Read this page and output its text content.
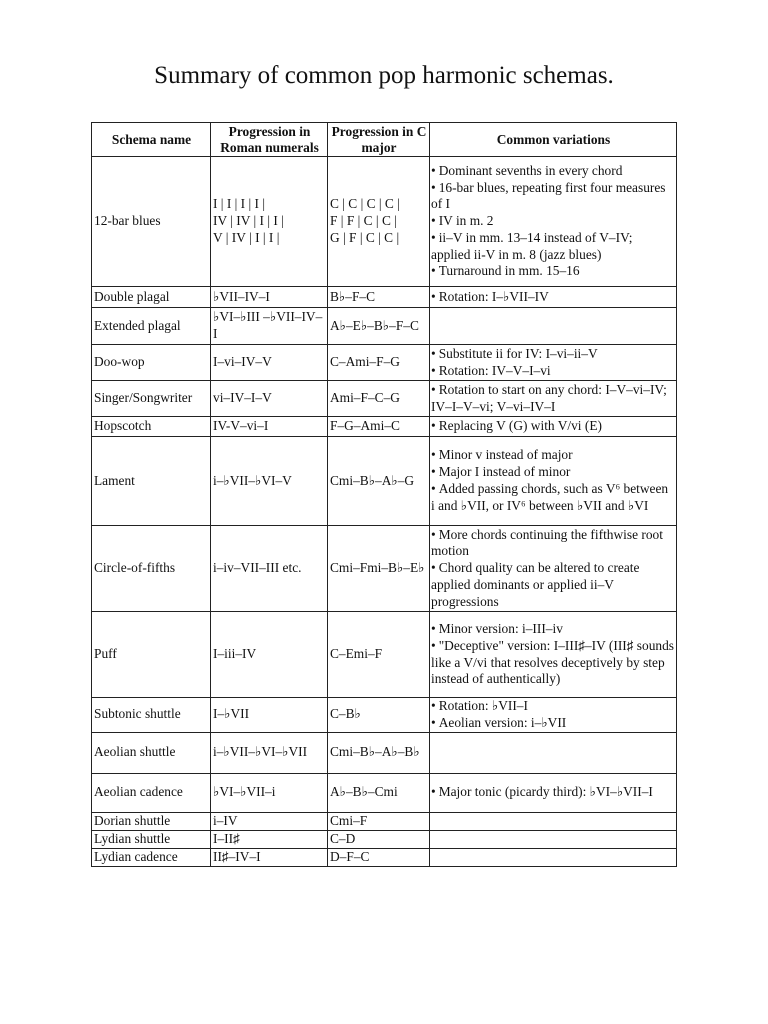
Summary of common pop harmonic schemas.
Schema name	Progression in Roman numerals	Progression in C major	Common variations
12-bar blues	I | I | I | I |
IV | IV | I | I |
V | IV | I | I |	C | C | C | C |
F | F | C | C |
G | F | C | C |	• Dominant sevenths in every chord
• 16-bar blues, repeating first four measures of I
• IV in m. 2
• ii–V in mm. 13–14 instead of V–IV; applied ii-V in m. 8 (jazz blues)
• Turnaround in mm. 15–16

Double plagal	♭VII–IV–I	B♭–F–C	• Rotation: I–♭VII–IV

Extended plagal	♭VI–♭III –♭VII–IV–I	A♭–E♭–B♭–F–C	

Doo-wop	I–vi–IV–V	C–Ami–F–G	• Substitute ii for IV: I–vi–ii–V
• Rotation: IV–V–I–vi

Singer/Songwriter	vi–IV–I–V	Ami–F–C–G	• Rotation to start on any chord: I–V–vi–IV; IV–I–V–vi; V–vi–IV–I

Hopscotch	IV-V–vi–I	F–G–Ami–C	• Replacing V (G) with V/vi (E)

Lament	i–♭VII–♭VI–V	Cmi–B♭–A♭–G	• Minor v instead of major
• Major I instead of minor
• Added passing chords, such as V⁶ between i and ♭VII, or IV⁶ between ♭VII and ♭VI

Circle-of-fifths	i–iv–VII–III etc.	Cmi–Fmi–B♭–E♭	• More chords continuing the fifthwise root motion
• Chord quality can be altered to create applied dominants or applied ii–V progressions

Puff	I–iii–IV	C–Emi–F	• Minor version: i–III–iv
• "Deceptive" version: I–III♯–IV (III♯ sounds like a V/vi that resolves deceptively by step instead of authentically)

Subtonic shuttle	I–♭VII	C–B♭	• Rotation: ♭VII–I
• Aeolian version: i–♭VII

Aeolian shuttle	i–♭VII–♭VI–♭VII	Cmi–B♭–A♭–B♭	

Aeolian cadence	♭VI–♭VII–i	A♭–B♭–Cmi	• Major tonic (picardy third): ♭VI–♭VII–I

Dorian shuttle	i–IV	Cmi–F	

Lydian shuttle	I–II♯	C–D	

Lydian cadence	II♯–IV–I	D–F–C	
